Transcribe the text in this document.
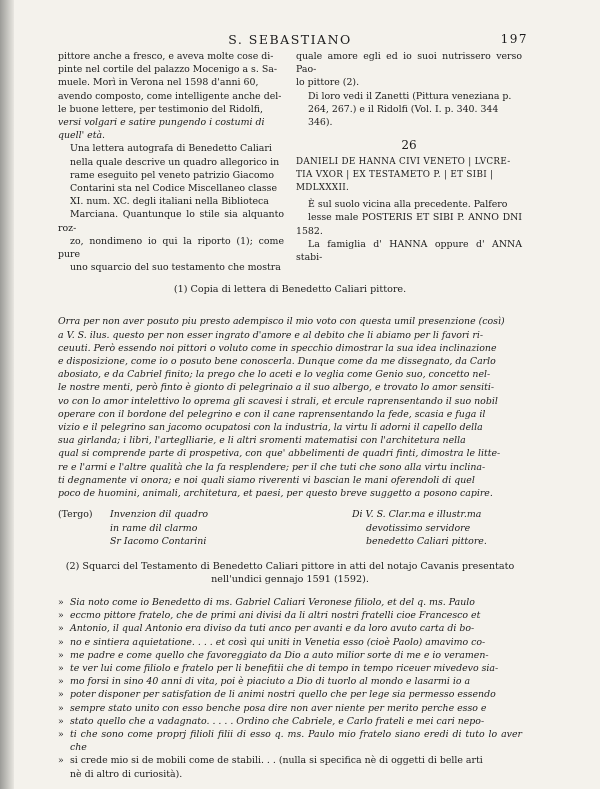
S. SEBASTIANO	197

pittore anche a fresco, e aveva molte cose di-
pinte nel cortile del palazzo Mocenigo a s. Sa-
muele. Morì in Verona nel 1598 d'anni 60,
avendo composto, come intelligente anche del-
le buone lettere, per testimonio del Ridolfi,
versi volgari e satire pungendo i costumi di
quell' età.

Una lettera autografa di Benedetto Caliari
nella quale descrive un quadro allegorico in
rame eseguito pel veneto patrizio Giacomo
Contarini sta nel Codice Miscellaneo classe
XI. num. XC. degli italiani nella Biblioteca
Marciana. Quantunque lo stile sia alquanto roz-
zo, nondimeno io qui la riporto (1); come pure
uno squarcio del suo testamento che mostra

quale amore egli ed io suoi nutrissero verso Pao-
lo pittore (2).

Di loro vedi il Zanetti (Pittura veneziana p.
264, 267.) e il Ridolfi (Vol. I. p. 340. 344
346).

26
DANIELI DE HANNA CIVI VENETO | LVCRE-
TIA VXOR | EX TESTAMETO P. | ET SIBI |
MDLXXXII.

È sul suolo vicina alla precedente. Palfero
lesse male POSTERIS ET SIBI P. ANNO DNI 1582.

La famiglia d' HANNA oppure d' ANNA stabi-

(1) Copia di lettera di Benedetto Caliari pittore.
Orra per non aver posuto piu presto adempisco il mio voto con questa umil presenzione (così)
a V. S. ilus. questo per non esser ingrato d'amore e al debito che li abiamo per li favori ri-
ceuuti. Però essendo noi pittori o voluto come in specchio dimostrar la sua idea inclinazione
e disposizione, come io o posuto bene conoscerla. Dunque come da me dissegnato, da Carlo
abosiato, e da Cabriel finito; la prego che lo aceti e lo veglia come Genio suo, concetto nel-
le nostre menti, però finto è gionto di pelegrinaio a il suo albergo, e trovato lo amor sensiti-
vo con lo amor intelettivo lo oprema gli scavesi i strali, et ercule raprensentando il suo nobil
operare con il bordone del pelegrino e con il cane raprensentando la fede, scasia e fuga il
vizio e il pelegrino san jacomo ocupatosi con la industria, la virtu li adorni il capello della
sua girlanda; i libri, l'arteglliarie, e li altri sromenti matematisi con l'architetura nella
qual si comprende parte di prospetiva, con que' abbelimenti de quadri finti, dimostra le litte-
re e l'armi e l'altre qualità che la fa resplendere; per il che tuti che sono alla virtu inclina-
ti degnamente vi onora; e noi quali siamo riverenti vi bascian le mani oferendoli di quel
poco de huomini, animali, architetura, et paesi, per questo breve suggetto a posono capire.
(Tergo)	Invenzion dil quadro
in rame dil clarmo
Sr Iacomo Contarini
Di V. S. Clar.ma e illustr.ma
devotissimo servidore
benedetto Caliari pittore.
(2) Squarci del Testamento di Benedetto Caliari pittore in atti del notajo Cavanis presentato
nell'undici gennajo 1591 (1592).
» Sia noto come io Benedetto di ms. Gabriel Caliari Veronese filiolo, et del q. ms. Paulo
» eccmo pittore fratelo, che de primi ani divisi da li altri nostri fratelli cioe Francesco et
» Antonio, il qual Antonio era diviso da tuti anco per avanti e da loro avuto carta di bo-
» no e sintiera aquietatione. . . . et così qui uniti in Venetia esso (cioè Paolo) amavimo co-
» me padre e come quello che favoreggiato da Dio a auto milior sorte di me e io veramen-
» te ver lui come filiolo e fratelo per li benefitii che di tempo in tempo riceuer mivedevo sia-
» mo forsi in sino 40 anni di vita, poi è piaciuto a Dio di tuorlo al mondo e lasarmi io a
» poter disponer per satisfation de li animi nostri quello che per lege sia permesso essendo
» sempre stato unito con esso benche posa dire non aver niente per merito perche esso e
» stato quello che a vadagnato. . . . . Ordino che Cabriele, e Carlo frateli e mei cari nepo-
» ti che sono come proprj filioli filii di esso q. ms. Paulo mio fratelo siano eredi di tuto lo aver che
» si crede mio si de mobili come de stabili. . . (nulla si specifica nè di oggetti di belle arti
nè di altro di curiosità).
